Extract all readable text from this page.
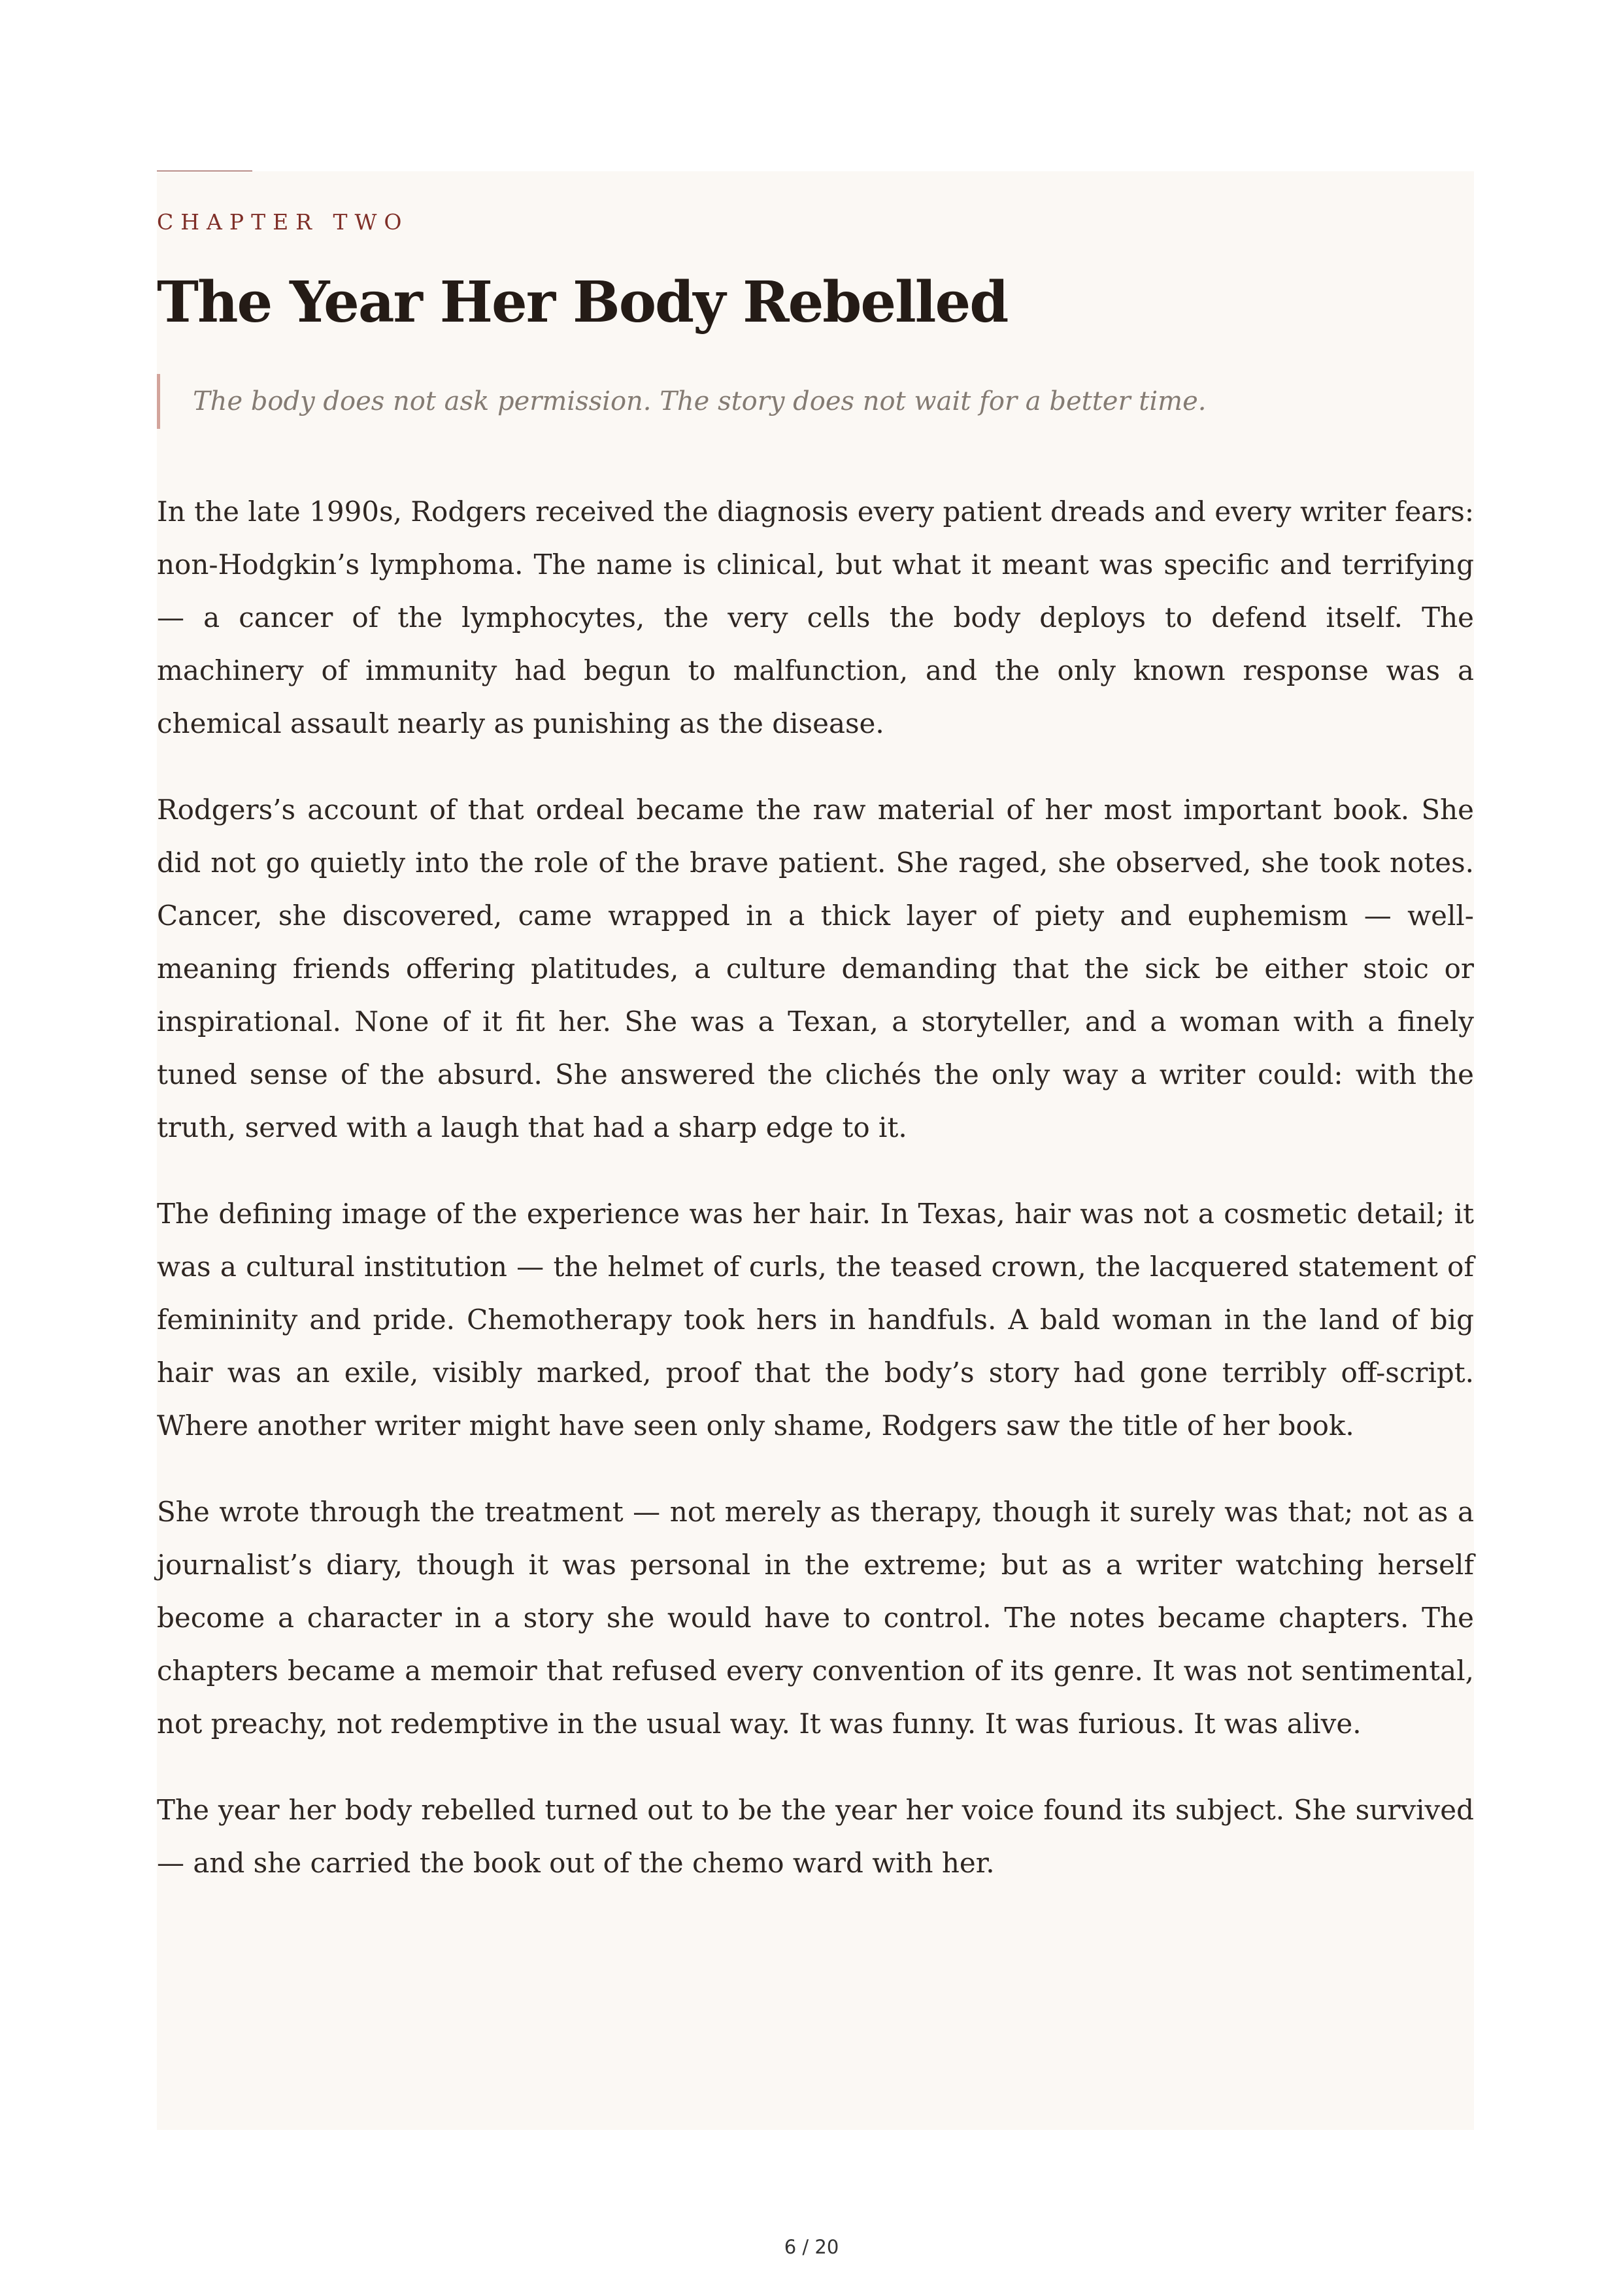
CHAPTER TWO
The Year Her Body Rebelled
The body does not ask permission. The story does not wait for a better time.

In the late 1990s, Rodgers received the diagnosis every patient dreads and every writer fears: non-Hodgkin’s lymphoma. The name is clinical, but what it meant was specific and terrifying — a cancer of the lymphocytes, the very cells the body deploys to defend itself. The machinery of immunity had begun to malfunction, and the only known response was a chemical assault nearly as punishing as the disease.

Rodgers’s account of that ordeal became the raw material of her most important book. She did not go quietly into the role of the brave patient. She raged, she observed, she took notes. Cancer, she discovered, came wrapped in a thick layer of piety and euphemism — well-meaning friends offering platitudes, a culture demanding that the sick be either stoic or inspirational. None of it fit her. She was a Texan, a storyteller, and a woman with a finely tuned sense of the absurd. She answered the clichés the only way a writer could: with the truth, served with a laugh that had a sharp edge to it.

The defining image of the experience was her hair. In Texas, hair was not a cosmetic detail; it was a cultural institution — the helmet of curls, the teased crown, the lacquered statement of femininity and pride. Chemotherapy took hers in handfuls. A bald woman in the land of big hair was an exile, visibly marked, proof that the body’s story had gone terribly off-script. Where another writer might have seen only shame, Rodgers saw the title of her book.

She wrote through the treatment — not merely as therapy, though it surely was that; not as a journalist’s diary, though it was personal in the extreme; but as a writer watching herself become a character in a story she would have to control. The notes became chapters. The chapters became a memoir that refused every convention of its genre. It was not sentimental, not preachy, not redemptive in the usual way. It was funny. It was furious. It was alive.

The year her body rebelled turned out to be the year her voice found its subject. She survived — and she carried the book out of the chemo ward with her.

6 / 20
